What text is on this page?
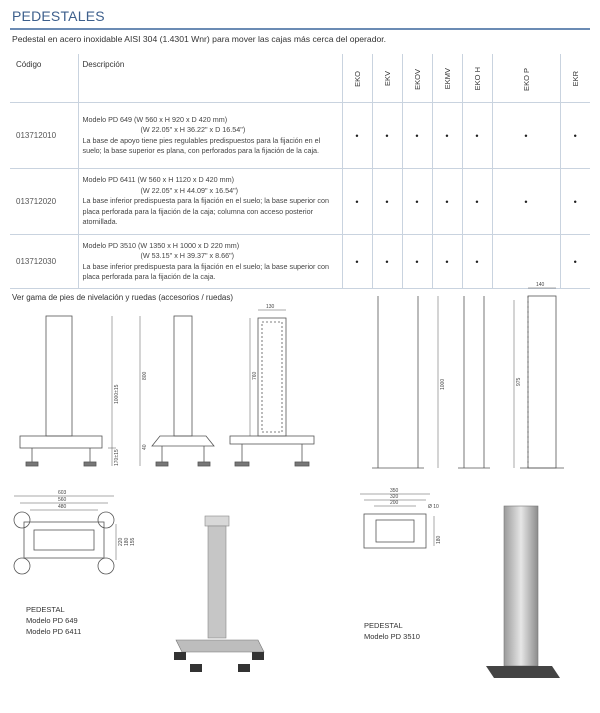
PEDESTALES
Pedestal en acero inoxidable AISI 304 (1.4301 Wnr) para mover las cajas más cerca del operador.
Código	Descripción	EKO	EKV	EKOV	EKMV	EKO H	EKO P	EKR

013712010	Modelo PD 649 (W 560 x H 920 x D 420 mm)
(W 22.05" x H 36.22" x D 16.54")
La base de apoyo tiene pies regulables predispuestos para la fijación en el suelo; la base superior es plana, con perforados para la fijación de la caja.	•	•	•	•	•	•	•
013712020	Modelo PD 6411 (W 560 x H 1120 x D 420 mm)
(W 22.05" x H 44.09" x 16.54")
La base inferior predispuesta para la fijación en el suelo; la base superior con placa perforada para la fijación de la caja; columna con acceso posterior atornillada.	•	•	•	•	•	•	•
013712030	Modelo PD 3510 (W 1350 x H 1000 x D 220 mm)
(W 53.15" x H 39.37" x 8.66")
La base inferior predispuesta para la fijación en el suelo; la base superior con placa perforada para la fijación de la caja.	•	•	•	•	•		•
Ver gama de pies de nivelación y ruedas (accesorios / ruedas)
1000±15
170±15
800
40
760
130
1000	975
140
603
560
480
220 180 155
350
320
200
180
Ø 10
PEDESTAL
Modelo PD 649
Modelo PD 6411
PEDESTAL
Modelo PD 3510
